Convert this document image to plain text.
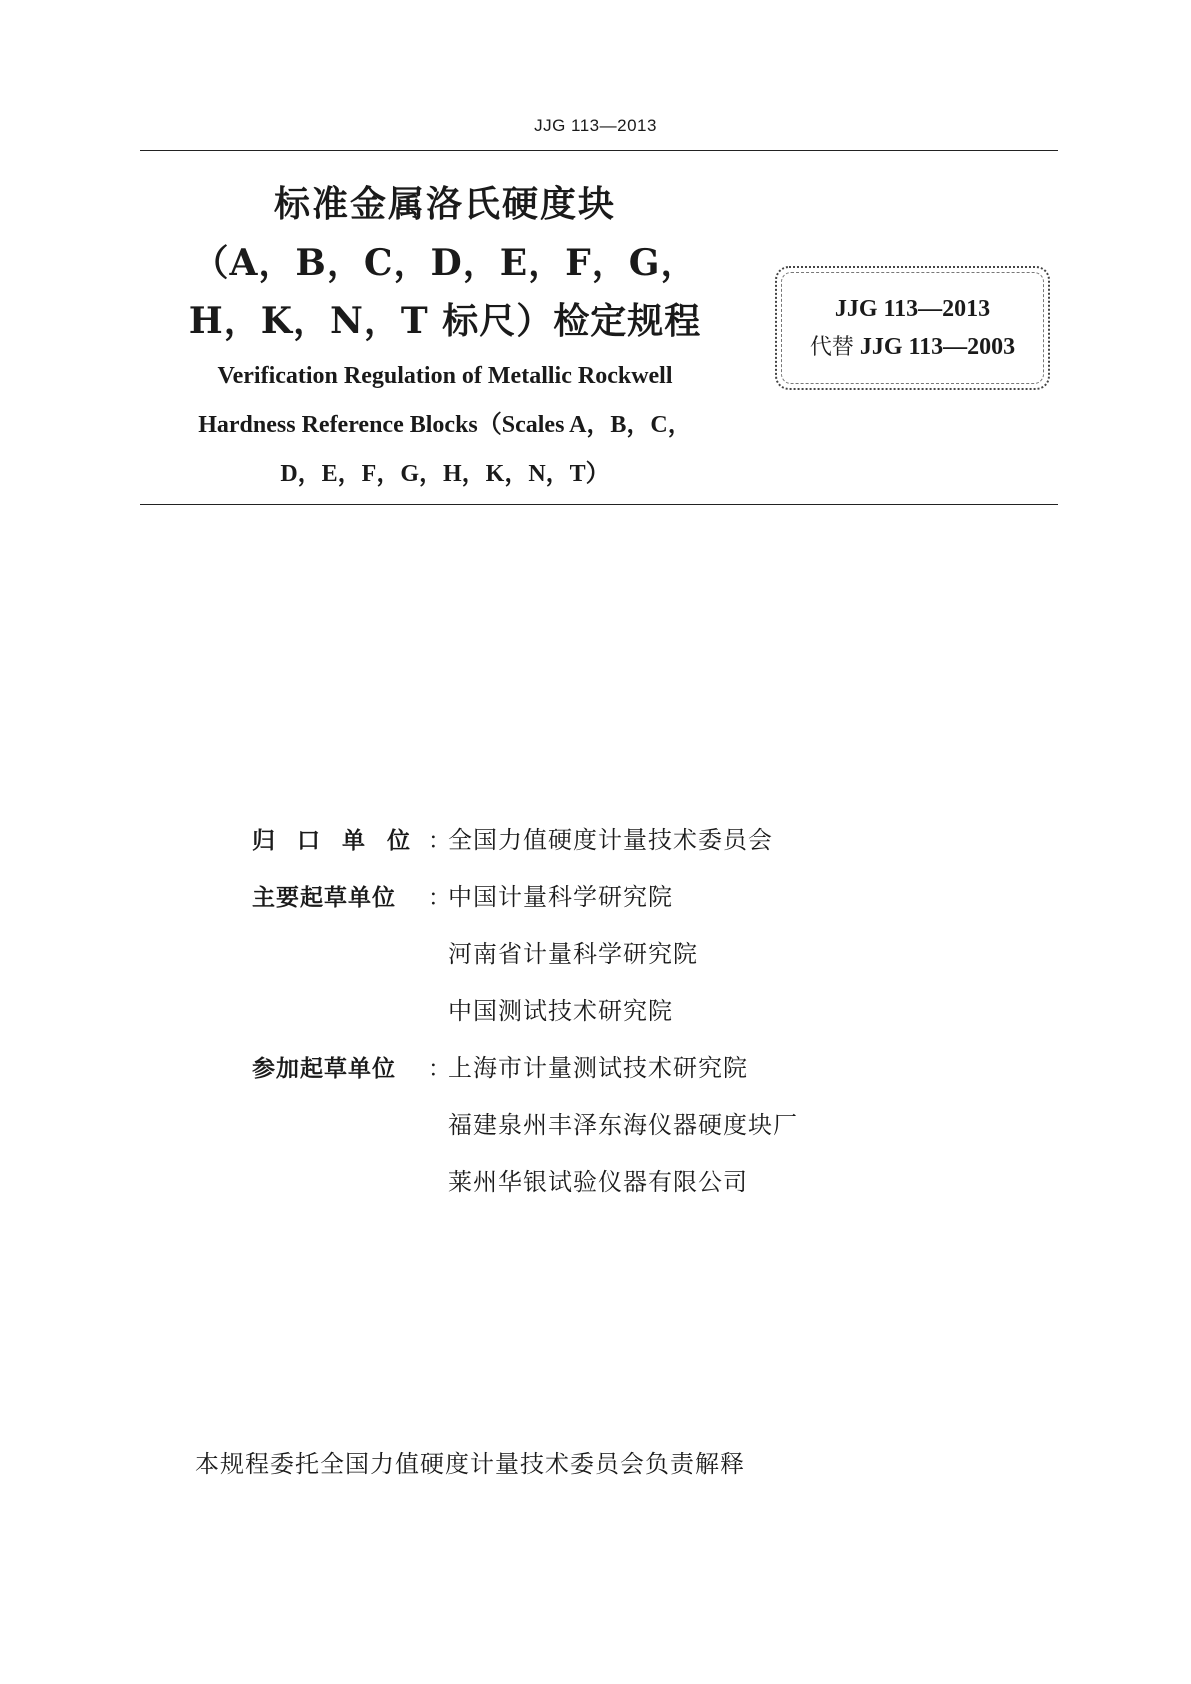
JJG 113—2013
标准金属洛氏硬度块
（A，B，C，D，E，F，G，
H，K，N，T 标尺）检定规程
Verification Regulation of Metallic Rockwell
Hardness Reference Blocks（Scales A，B，C，
D，E，F，G，H，K，N，T）
JJG 113—2013
代替 JJG 113—2003
归口单位
：
全国力值硬度计量技术委员会
主要起草单位	：
中国计量科学研究院
河南省计量科学研究院
中国测试技术研究院
参加起草单位	：
上海市计量测试技术研究院
福建泉州丰泽东海仪器硬度块厂
莱州华银试验仪器有限公司
本规程委托全国力值硬度计量技术委员会负责解释
